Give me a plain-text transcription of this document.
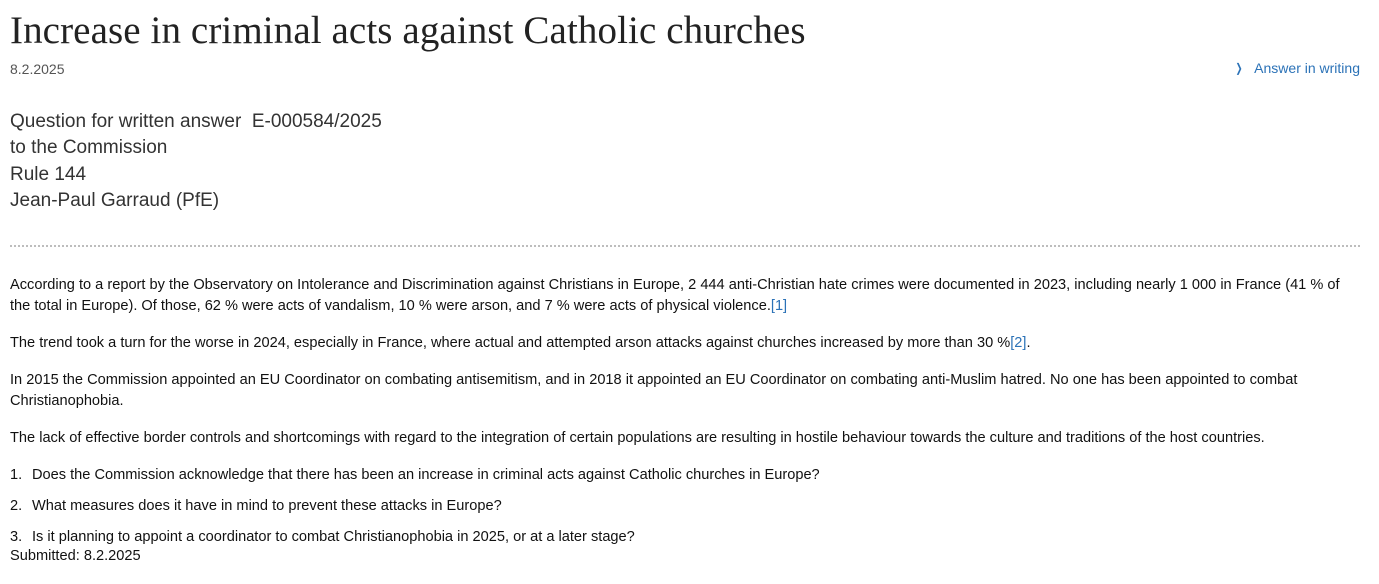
Increase in criminal acts against Catholic churches
8.2.2025	❯ Answer in writing
Question for written answer E-000584/2025
to the Commission
Rule 144
Jean-Paul Garraud (PfE)

According to a report by the Observatory on Intolerance and Discrimination against Christians in Europe, 2 444 anti-Christian hate crimes were documented in 2023, including nearly 1 000 in France (41 % of the total in Europe). Of those, 62 % were acts of vandalism, 10 % were arson, and 7 % were acts of physical violence.[1]

The trend took a turn for the worse in 2024, especially in France, where actual and attempted arson attacks against churches increased by more than 30 %[2].

In 2015 the Commission appointed an EU Coordinator on combating antisemitism, and in 2018 it appointed an EU Coordinator on combating anti-Muslim hatred. No one has been appointed to combat Christianophobia.

The lack of effective border controls and shortcomings with regard to the integration of certain populations are resulting in hostile behaviour towards the culture and traditions of the host countries.

1. Does the Commission acknowledge that there has been an increase in criminal acts against Catholic churches in Europe?
2. What measures does it have in mind to prevent these attacks in Europe?
3. Is it planning to appoint a coordinator to combat Christianophobia in 2025, or at a later stage?
Submitted: 8.2.2025
